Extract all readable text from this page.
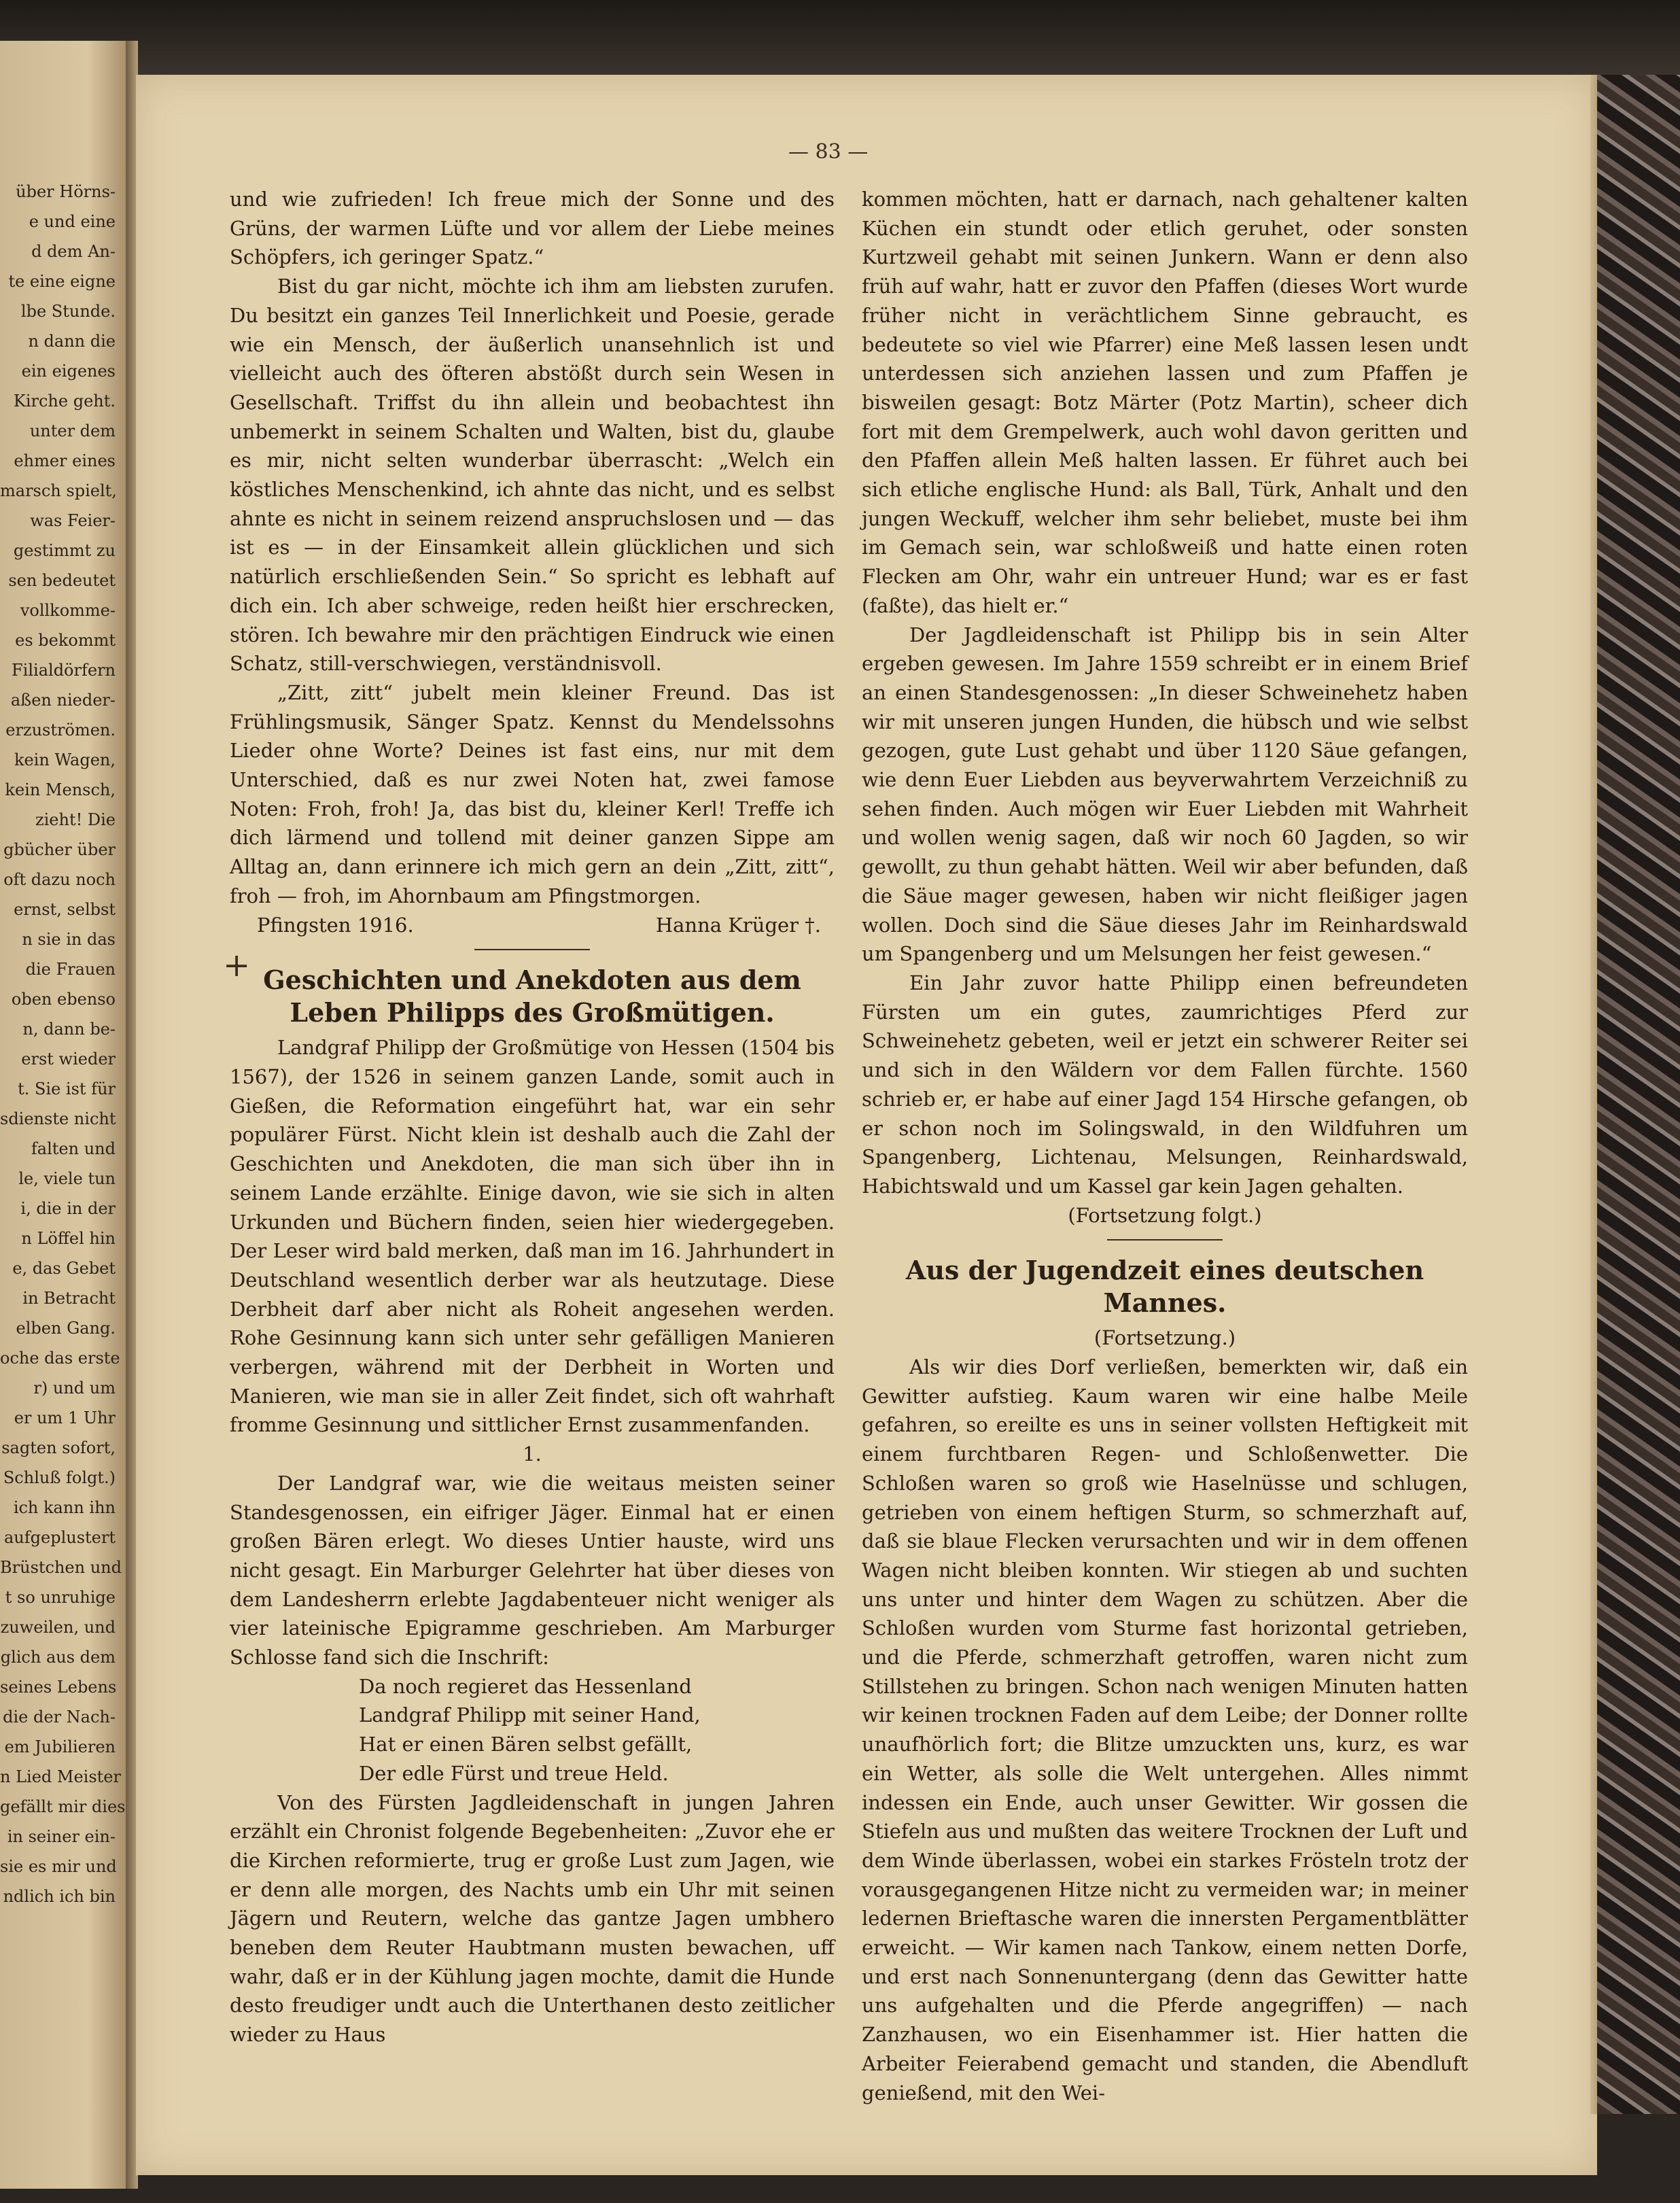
über Hörns-
e und eine
d dem An-
te eine eigne
lbe Stunde.
n dann die
ein eigenes
Kirche geht.
unter dem
ehmer eines
marsch spielt,
was Feier-
gestimmt zu
sen bedeutet
vollkomme-
es bekommt
Filialdörfern
aßen nieder-
erzuströmen.
kein Wagen,
kein Mensch,
zieht! Die
gbücher über
oft dazu noch
ernst, selbst
n sie in das
die Frauen
oben ebenso
n, dann be-
erst wieder
t. Sie ist für
sdienste nicht
falten und
le, viele tun
i, die in der
n Löffel hin
e, das Gebet
in Betracht
elben Gang.
oche das erste
r) und um
er um 1 Uhr
sagten sofort,
Schluß folgt.)
ich kann ihn
aufgeplustert
Brüstchen und
t so unruhige
zuweilen, und
glich aus dem
seines Lebens
die der Nach-
em Jubilieren
n Lied Meister
gefällt mir dies
in seiner ein-
sie es mir und
ndlich ich bin
— 83 —

und wie zufrieden! Ich freue mich der Sonne und des Grüns, der warmen Lüfte und vor allem der Liebe meines Schöpfers, ich geringer Spatz.“

Bist du gar nicht, möchte ich ihm am liebsten zurufen. Du besitzt ein ganzes Teil Innerlichkeit und Poesie, gerade wie ein Mensch, der äußerlich unansehnlich ist und vielleicht auch des öfteren abstößt durch sein Wesen in Gesellschaft. Triffst du ihn allein und beobachtest ihn unbemerkt in seinem Schalten und Walten, bist du, glaube es mir, nicht selten wunderbar überrascht: „Welch ein köstliches Menschenkind, ich ahnte das nicht, und es selbst ahnte es nicht in seinem reizend anspruchslosen und — das ist es — in der Einsamkeit allein glücklichen und sich natürlich erschließenden Sein.“ So spricht es lebhaft auf dich ein. Ich aber schweige, reden heißt hier erschrecken, stören. Ich bewahre mir den prächtigen Eindruck wie einen Schatz, still-verschwiegen, verständnisvoll.

„Zitt, zitt“ jubelt mein kleiner Freund. Das ist Frühlingsmusik, Sänger Spatz. Kennst du Mendelssohns Lieder ohne Worte? Deines ist fast eins, nur mit dem Unterschied, daß es nur zwei Noten hat, zwei famose Noten: Froh, froh! Ja, das bist du, kleiner Kerl! Treffe ich dich lärmend und tollend mit deiner ganzen Sippe am Alltag an, dann erinnere ich mich gern an dein „Zitt, zitt“, froh — froh, im Ahornbaum am Pfingstmorgen.

Pfingsten 1916.	Hanna Krüger †.
Geschichten und Anekdoten aus dem Leben Philipps des Großmütigen.

Landgraf Philipp der Großmütige von Hessen (1504 bis 1567), der 1526 in seinem ganzen Lande, somit auch in Gießen, die Reformation eingeführt hat, war ein sehr populärer Fürst. Nicht klein ist deshalb auch die Zahl der Geschichten und Anekdoten, die man sich über ihn in seinem Lande erzählte. Einige davon, wie sie sich in alten Urkunden und Büchern finden, seien hier wiedergegeben. Der Leser wird bald merken, daß man im 16. Jahrhundert in Deutschland wesentlich derber war als heutzutage. Diese Derbheit darf aber nicht als Roheit angesehen werden. Rohe Gesinnung kann sich unter sehr gefälligen Manieren verbergen, während mit der Derbheit in Worten und Manieren, wie man sie in aller Zeit findet, sich oft wahrhaft fromme Gesinnung und sittlicher Ernst zusammenfanden.

1.

Der Landgraf war, wie die weitaus meisten seiner Standesgenossen, ein eifriger Jäger. Einmal hat er einen großen Bären erlegt. Wo dieses Untier hauste, wird uns nicht gesagt. Ein Marburger Gelehrter hat über dieses von dem Landesherrn erlebte Jagdabenteuer nicht weniger als vier lateinische Epigramme geschrieben. Am Marburger Schlosse fand sich die Inschrift:

Da noch regieret das Hessenland
Landgraf Philipp mit seiner Hand,
Hat er einen Bären selbst gefällt,
Der edle Fürst und treue Held.

Von des Fürsten Jagdleidenschaft in jungen Jahren erzählt ein Chronist folgende Begebenheiten: „Zuvor ehe er die Kirchen reformierte, trug er große Lust zum Jagen, wie er denn alle morgen, des Nachts umb ein Uhr mit seinen Jägern und Reutern, welche das gantze Jagen umbhero beneben dem Reuter Haubtmann musten bewachen, uff wahr, daß er in der Kühlung jagen mochte, damit die Hunde desto freudiger undt auch die Unterthanen desto zeitlicher wieder zu Haus

+

kommen möchten, hatt er darnach, nach gehaltener kalten Küchen ein stundt oder etlich geruhet, oder sonsten Kurtzweil gehabt mit seinen Junkern. Wann er denn also früh auf wahr, hatt er zuvor den Pfaffen (dieses Wort wurde früher nicht in verächtlichem Sinne gebraucht, es bedeutete so viel wie Pfarrer) eine Meß lassen lesen undt unterdessen sich anziehen lassen und zum Pfaffen je bisweilen gesagt: Botz Märter (Potz Martin), scheer dich fort mit dem Grempelwerk, auch wohl davon geritten und den Pfaffen allein Meß halten lassen. Er führet auch bei sich etliche englische Hund: als Ball, Türk, Anhalt und den jungen Weckuff, welcher ihm sehr beliebet, muste bei ihm im Gemach sein, war schloßweiß und hatte einen roten Flecken am Ohr, wahr ein untreuer Hund; war es er fast (faßte), das hielt er.“

Der Jagdleidenschaft ist Philipp bis in sein Alter ergeben gewesen. Im Jahre 1559 schreibt er in einem Brief an einen Standesgenossen: „In dieser Schweinehetz haben wir mit unseren jungen Hunden, die hübsch und wie selbst gezogen, gute Lust gehabt und über 1120 Säue gefangen, wie denn Euer Liebden aus beyverwahrtem Verzeichniß zu sehen finden. Auch mögen wir Euer Liebden mit Wahrheit und wollen wenig sagen, daß wir noch 60 Jagden, so wir gewollt, zu thun gehabt hätten. Weil wir aber befunden, daß die Säue mager gewesen, haben wir nicht fleißiger jagen wollen. Doch sind die Säue dieses Jahr im Reinhardswald um Spangenberg und um Melsungen her feist gewesen.“

Ein Jahr zuvor hatte Philipp einen befreundeten Fürsten um ein gutes, zaumrichtiges Pferd zur Schweinehetz gebeten, weil er jetzt ein schwerer Reiter sei und sich in den Wäldern vor dem Fallen fürchte. 1560 schrieb er, er habe auf einer Jagd 154 Hirsche gefangen, ob er schon noch im Solingswald, in den Wildfuhren um Spangenberg, Lichtenau, Melsungen, Reinhardswald, Habichtswald und um Kassel gar kein Jagen gehalten.

(Fortsetzung folgt.)
Aus der Jugendzeit eines deutschen Mannes.
(Fortsetzung.)

Als wir dies Dorf verließen, bemerkten wir, daß ein Gewitter aufstieg. Kaum waren wir eine halbe Meile gefahren, so ereilte es uns in seiner vollsten Heftigkeit mit einem furchtbaren Regen- und Schloßenwetter. Die Schloßen waren so groß wie Haselnüsse und schlugen, getrieben von einem heftigen Sturm, so schmerzhaft auf, daß sie blaue Flecken verursachten und wir in dem offenen Wagen nicht bleiben konnten. Wir stiegen ab und suchten uns unter und hinter dem Wagen zu schützen. Aber die Schloßen wurden vom Sturme fast horizontal getrieben, und die Pferde, schmerzhaft getroffen, waren nicht zum Stillstehen zu bringen. Schon nach wenigen Minuten hatten wir keinen trocknen Faden auf dem Leibe; der Donner rollte unaufhörlich fort; die Blitze umzuckten uns, kurz, es war ein Wetter, als solle die Welt untergehen. Alles nimmt indessen ein Ende, auch unser Gewitter. Wir gossen die Stiefeln aus und mußten das weitere Trocknen der Luft und dem Winde überlassen, wobei ein starkes Frösteln trotz der vorausgegangenen Hitze nicht zu vermeiden war; in meiner ledernen Brieftasche waren die innersten Pergamentblätter erweicht. — Wir kamen nach Tankow, einem netten Dorfe, und erst nach Sonnenuntergang (denn das Gewitter hatte uns aufgehalten und die Pferde angegriffen) — nach Zanzhausen, wo ein Eisenhammer ist. Hier hatten die Arbeiter Feierabend gemacht und standen, die Abendluft genießend, mit den Wei-
